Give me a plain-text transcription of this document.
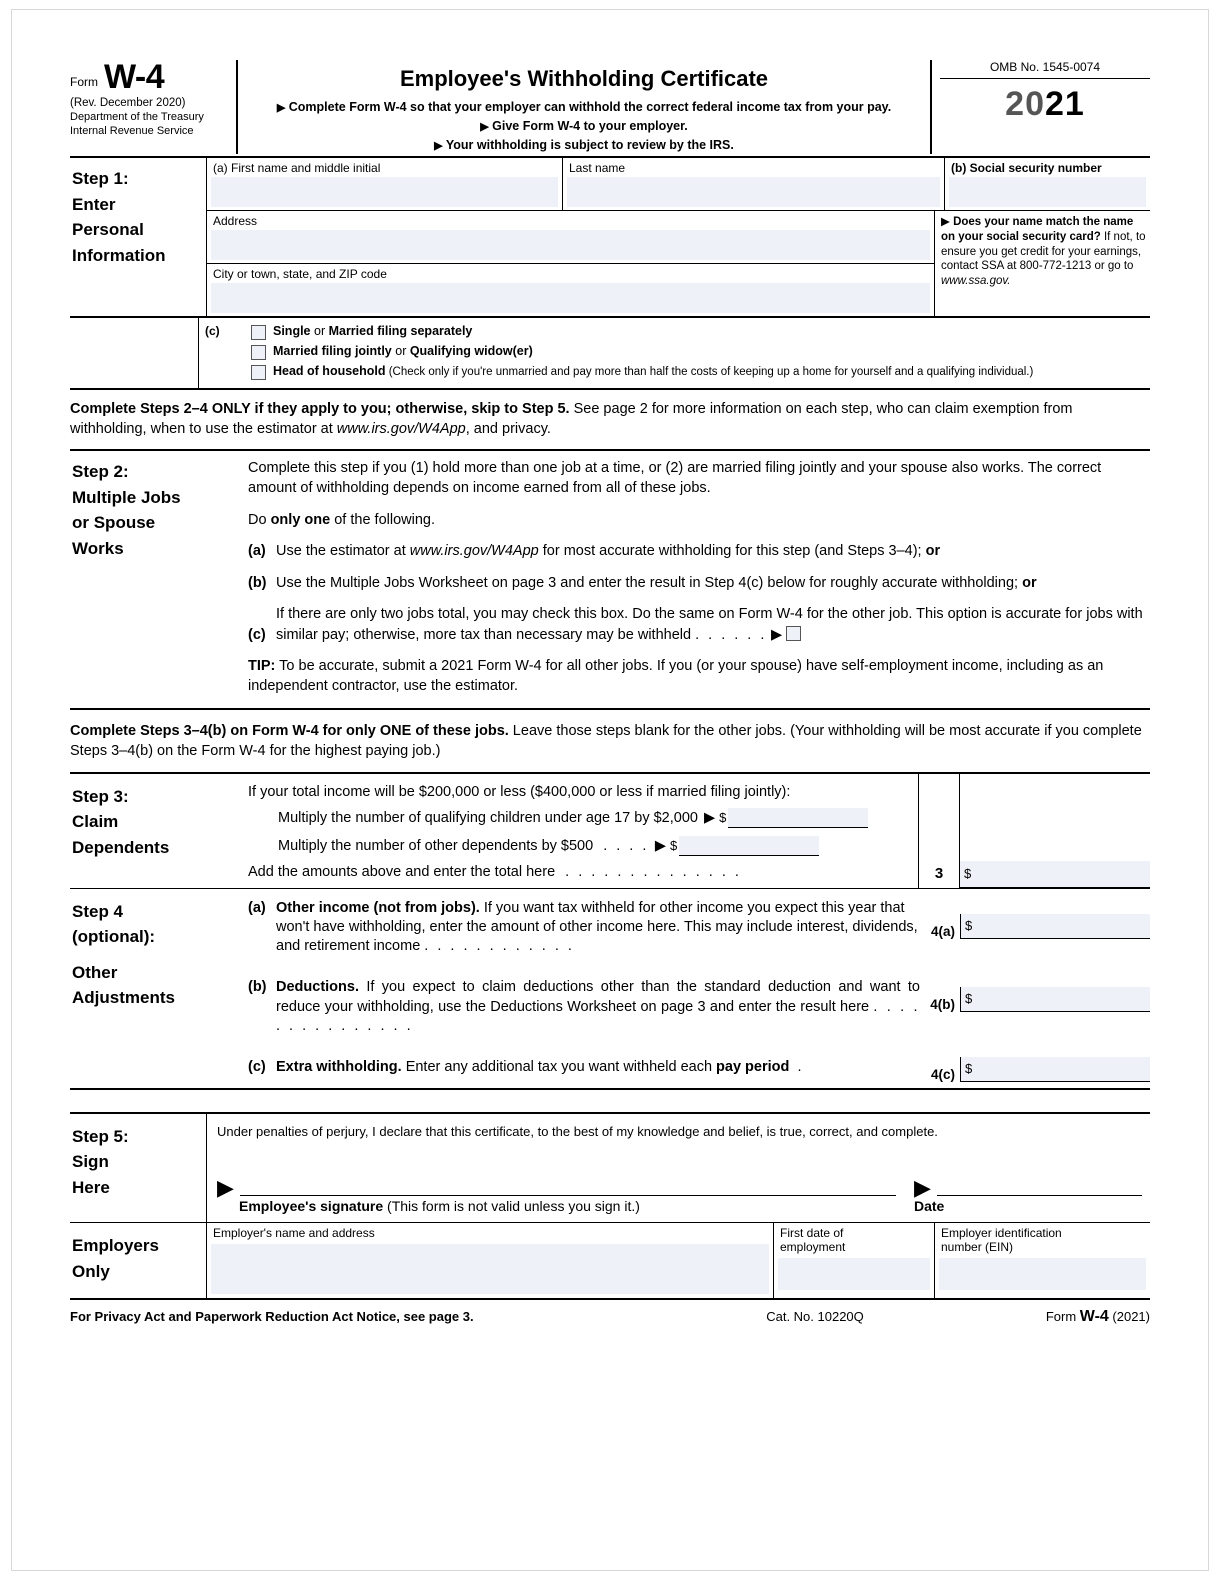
Form W-4
(Rev. December 2020)
Department of the Treasury
Internal Revenue Service
Employee's Withholding Certificate
▶ Complete Form W-4 so that your employer can withhold the correct federal income tax from your pay.
▶ Give Form W-4 to your employer.
▶ Your withholding is subject to review by the IRS.
OMB No. 1545-0074
2021
Step 1:
Enter
Personal
Information
(a) First name and middle initial	Last name	(b) Social security number
Address
City or town, state, and ZIP code
▶ Does your name match the name on your social security card? If not, to ensure you get credit for your earnings, contact SSA at 800-772-1213 or go to www.ssa.gov.
(c)	Single or Married filing separately
Married filing jointly or Qualifying widow(er)
Head of household (Check only if you're unmarried and pay more than half the costs of keeping up a home for yourself and a qualifying individual.)
Complete Steps 2–4 ONLY if they apply to you; otherwise, skip to Step 5. See page 2 for more information on each step, who can claim exemption from withholding, when to use the estimator at www.irs.gov/W4App, and privacy.
Step 2:
Multiple Jobs
or Spouse
Works
Complete this step if you (1) hold more than one job at a time, or (2) are married filing jointly and your spouse also works. The correct amount of withholding depends on income earned from all of these jobs.
Do only one of the following.
(a) Use the estimator at www.irs.gov/W4App for most accurate withholding for this step (and Steps 3–4); or
(b) Use the Multiple Jobs Worksheet on page 3 and enter the result in Step 4(c) below for roughly accurate withholding; or
(c)
If there are only two jobs total, you may check this box. Do the same on Form W-4 for the other job. This option is accurate for jobs with similar pay; otherwise, more tax than necessary may be withheld . . . . . . ▶
TIP: To be accurate, submit a 2021 Form W-4 for all other jobs. If you (or your spouse) have self-employment income, including as an independent contractor, use the estimator.
Complete Steps 3–4(b) on Form W-4 for only ONE of these jobs. Leave those steps blank for the other jobs. (Your withholding will be most accurate if you complete Steps 3–4(b) on the Form W-4 for the highest paying job.)
Step 3:
Claim
Dependents
If your total income will be $200,000 or less ($400,000 or less if married filing jointly):
Multiply the number of qualifying children under age 17 by $2,000 ▶ $
Multiply the number of other dependents by $500 . . . . ▶ $
Add the amounts above and enter the total here . . . . . . . . . . . . . .	3 $
Step 4
(optional):
Other
Adjustments
(a) Other income (not from jobs). If you want tax withheld for other income you expect this year that won't have withholding, enter the amount of other income here. This may include interest, dividends, and retirement income . . . . . . . . . . . .
(b) Deductions. If you expect to claim deductions other than the standard deduction and want to reduce your withholding, use the Deductions Worksheet on page 3 and enter the result here . . . . . . . . . . . . . . .
(c) Extra withholding. Enter any additional tax you want withheld each pay period .
4(a) $
4(b) $
4(c) $
Step 5:
Sign
Here
Under penalties of perjury, I declare that this certificate, to the best of my knowledge and belief, is true, correct, and complete.
▶	▶
Employee's signature (This form is not valid unless you sign it.)	Date
Employers
Only
Employer's name and address	First date of
employment
Employer identification
number (EIN)
For Privacy Act and Paperwork Reduction Act Notice, see page 3.	Cat. No. 10220Q	Form W-4 (2021)
